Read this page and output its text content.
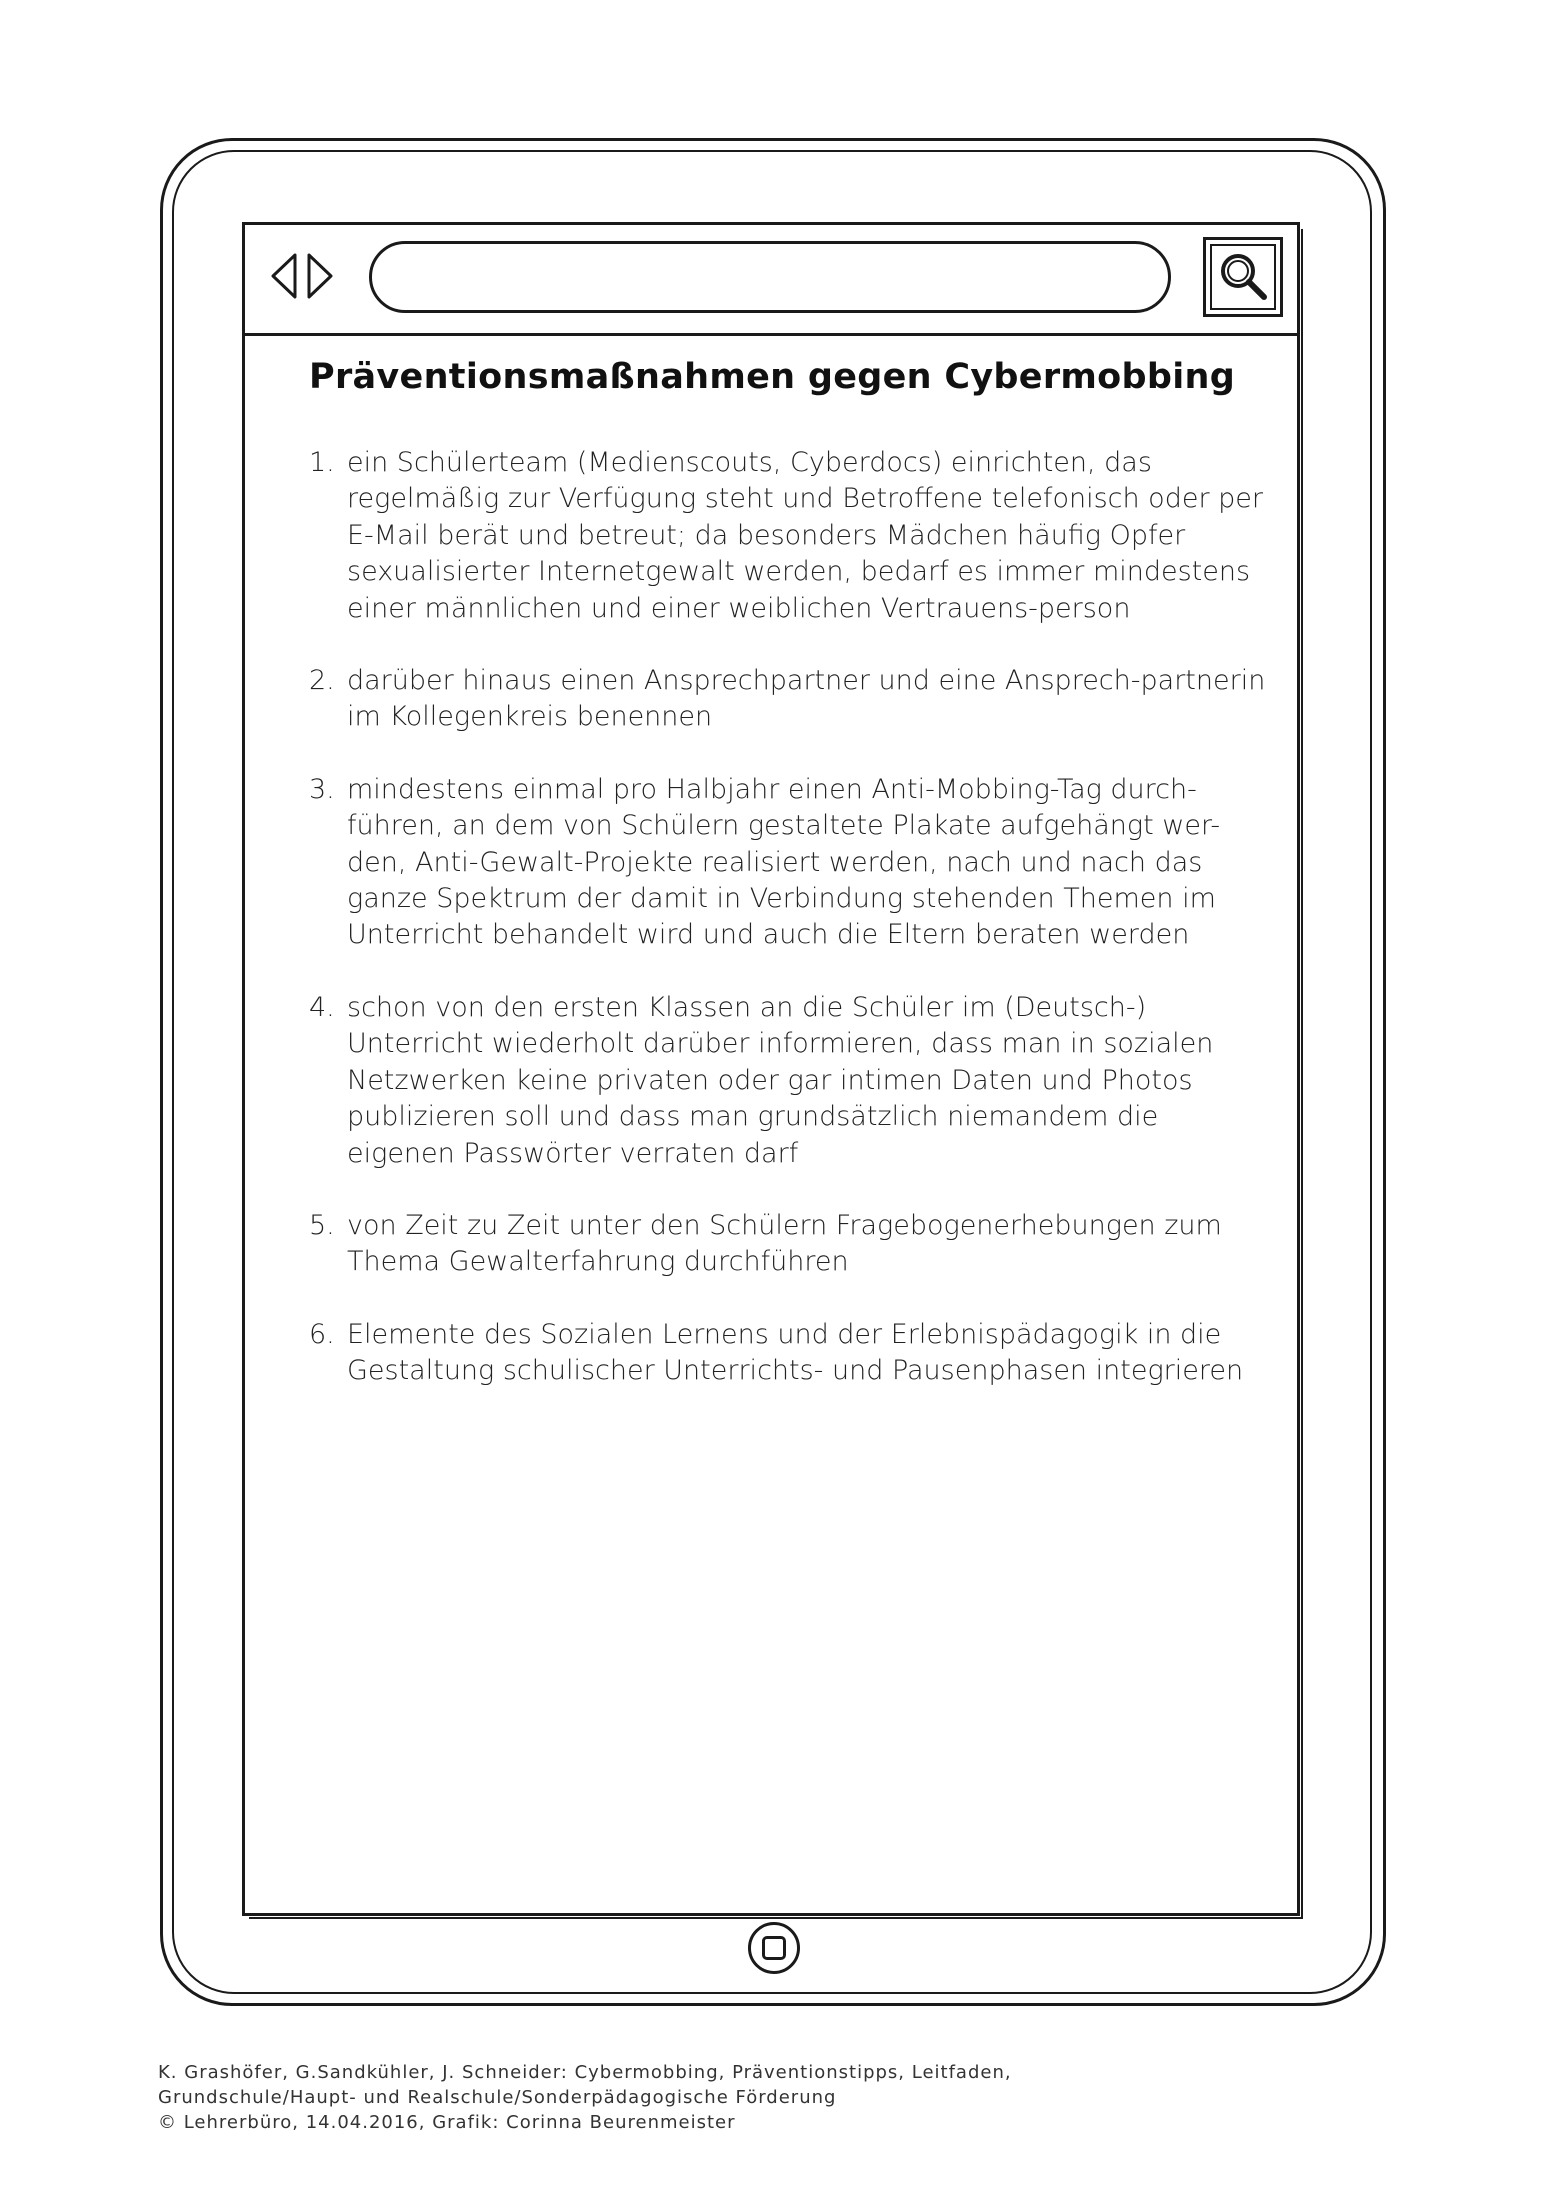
Präventionsmaßnahmen gegen Cybermobbing
1. ein Schülerteam (Medienscouts, Cyberdocs) einrichten, das regelmäßig zur Verfügung steht und Betroffene telefonisch oder per E-Mail berät und betreut; da besonders Mädchen häufig Opfer sexualisierter Internetgewalt werden, bedarf es immer mindestens einer männlichen und einer weiblichen Vertrauens-person
2. darüber hinaus einen Ansprechpartner und eine Ansprech-partnerin im Kollegenkreis benennen
3. mindestens einmal pro Halbjahr einen Anti-Mobbing-Tag durch-führen, an dem von Schülern gestaltete Plakate aufgehängt wer-den, Anti-Gewalt-Projekte realisiert werden, nach und nach das ganze Spektrum der damit in Verbindung stehenden Themen im Unterricht behandelt wird und auch die Eltern beraten werden
4. schon von den ersten Klassen an die Schüler im (Deutsch-) Unterricht wiederholt darüber informieren, dass man in sozialen Netzwerken keine privaten oder gar intimen Daten und Photos publizieren soll und dass man grundsätzlich niemandem die eigenen Passwörter verraten darf
5. von Zeit zu Zeit unter den Schülern Fragebogenerhebungen zum Thema Gewalterfahrung durchführen
6. Elemente des Sozialen Lernens und der Erlebnispädagogik in die Gestaltung schulischer Unterrichts- und Pausenphasen integrieren
K. Grashöfer, G.Sandkühler, J. Schneider: Cybermobbing, Präventionstipps, Leitfaden,
Grundschule/Haupt- und Realschule/Sonderpädagogische Förderung
© Lehrerbüro, 14.04.2016, Grafik: Corinna Beurenmeister
